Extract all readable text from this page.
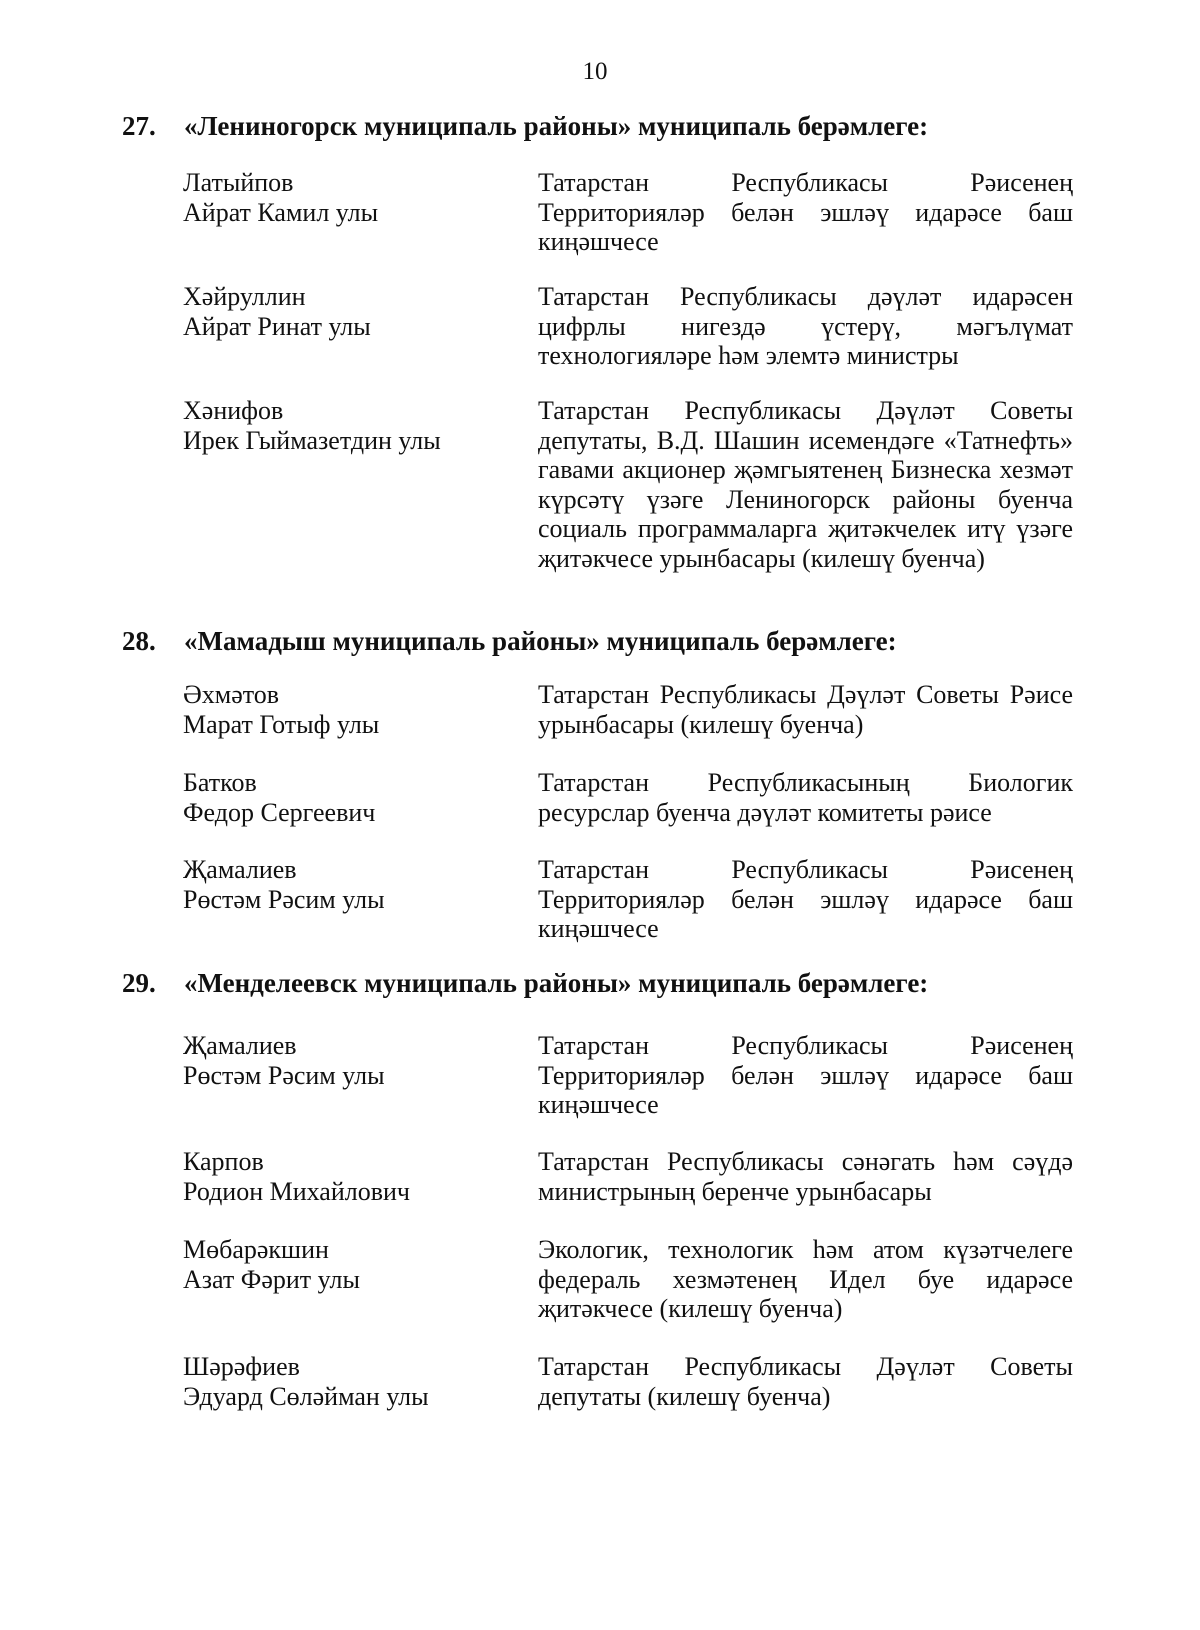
10
27. «Лениногорск муниципаль районы» муниципаль берәмлеге:
Латыйпов
Айрат Камил улы
Татарстан Республикасы Рәисенең Территорияләр белән эшләү идарәсе баш киңәшчесе
Хәйруллин
Айрат Ринат улы
Татарстан Республикасы дәүләт идарәсен цифрлы нигездә үстерү, мәгълүмат технологияләре һәм элемтә министры
Хәнифов
Ирек Гыймазетдин улы
Татарстан Республикасы Дәүләт Советы депутаты, В.Д. Шашин исемендәге «Татнефть» гавами акционер җәмгыятенең Бизнеска хезмәт күрсәтү үзәге Лениногорск районы буенча социаль программаларга җитәкчелек итү үзәге җитәкчесе урынбасары (килешү буенча)
28. «Мамадыш муниципаль районы» муниципаль берәмлеге:
Әхмәтов
Марат Готыф улы
Татарстан Республикасы Дәүләт Советы Рәисе урынбасары (килешү буенча)
Батков
Федор Сергеевич
Татарстан Республикасының Биологик ресурслар буенча дәүләт комитеты рәисе
Җамалиев
Рөстәм Рәсим улы
Татарстан Республикасы Рәисенең Территорияләр белән эшләү идарәсе баш киңәшчесе
29. «Менделеевск муниципаль районы» муниципаль берәмлеге:
Җамалиев
Рөстәм Рәсим улы
Татарстан Республикасы Рәисенең Территорияләр белән эшләү идарәсе баш киңәшчесе
Карпов
Родион Михайлович
Татарстан Республикасы сәнәгать һәм сәүдә министрының беренче урынбасары
Мөбарәкшин
Азат Фәрит улы
Экологик, технологик һәм атом күзәтчелеге федераль хезмәтенең Идел буе идарәсе җитәкчесе (килешү буенча)
Шәрәфиев
Эдуард Сөләйман улы
Татарстан Республикасы Дәүләт Советы депутаты (килешү буенча)
